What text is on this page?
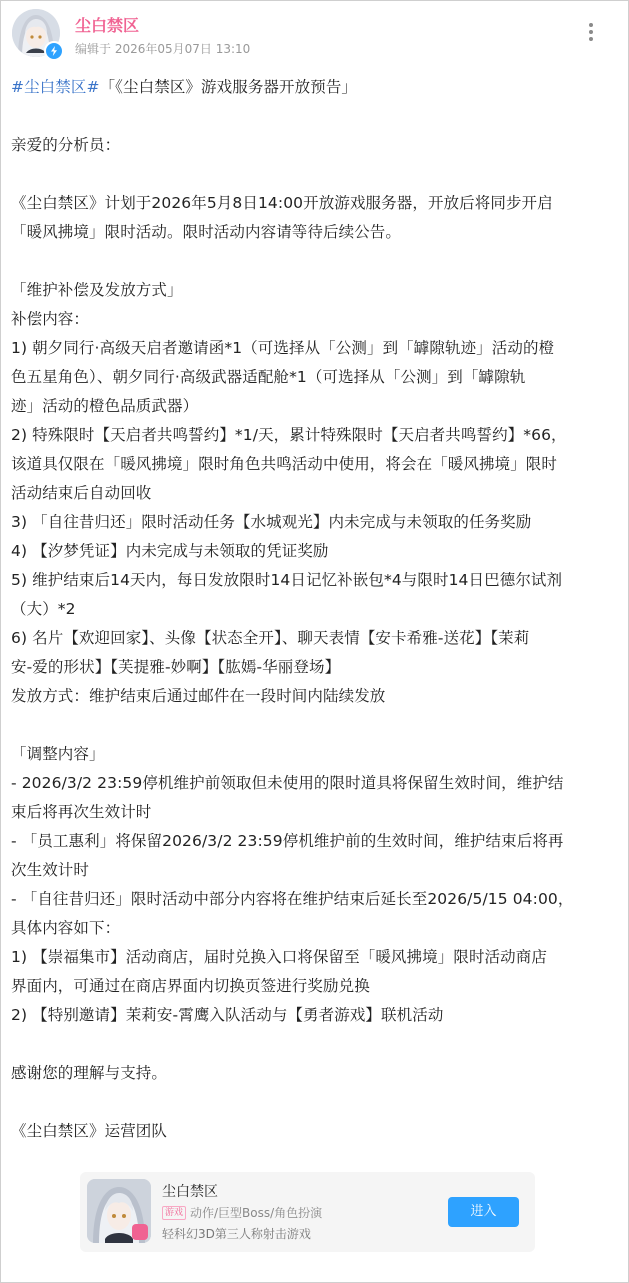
尘白禁区
编辑于 2026年05月07日 13:10
#尘白禁区#「《尘白禁区》游戏服务器开放预告」
亲爱的分析员：
《尘白禁区》计划于2026年5月8日14:00开放游戏服务器，开放后将同步开启
「暖风拂境」限时活动。限时活动内容请等待后续公告。
「维护补偿及发放方式」
补偿内容：
1) 朝夕同行·高级天启者邀请函*1（可选择从「公测」到「罅隙轨迹」活动的橙
色五星角色）、朝夕同行·高级武器适配舱*1（可选择从「公测」到「罅隙轨
迹」活动的橙色品质武器）
2) 特殊限时【天启者共鸣誓约】*1/天，累计特殊限时【天启者共鸣誓约】*66，
该道具仅限在「暖风拂境」限时角色共鸣活动中使用，将会在「暖风拂境」限时
活动结束后自动回收
3) 「自往昔归还」限时活动任务【水城观光】内未完成与未领取的任务奖励
4) 【汐梦凭证】内未完成与未领取的凭证奖励
5) 维护结束后14天内，每日发放限时14日记忆补嵌包*4与限时14日巴德尔试剂
（大）*2
6) 名片【欢迎回家】、头像【状态全开】、聊天表情【安卡希雅-送花】【茉莉
安-爱的形状】【芙提雅-妙啊】【肱嫣-华丽登场】
发放方式：维护结束后通过邮件在一段时间内陆续发放
「调整内容」
- 2026/3/2 23:59停机维护前领取但未使用的限时道具将保留生效时间，维护结
束后将再次生效计时
- 「员工惠利」将保留2026/3/2 23:59停机维护前的生效时间，维护结束后将再
次生效计时
- 「自往昔归还」限时活动中部分内容将在维护结束后延长至2026/5/15 04:00，
具体内容如下：
1) 【崇福集市】活动商店，届时兑换入口将保留至「暖风拂境」限时活动商店
界面内，可通过在商店界面内切换页签进行奖励兑换
2) 【特别邀请】茉莉安-霄鹰入队活动与【勇者游戏】联机活动
感谢您的理解与支持。
《尘白禁区》运营团队
尘白禁区
游戏 动作/巨型Boss/角色扮演
轻科幻3D第三人称射击游戏
进入
